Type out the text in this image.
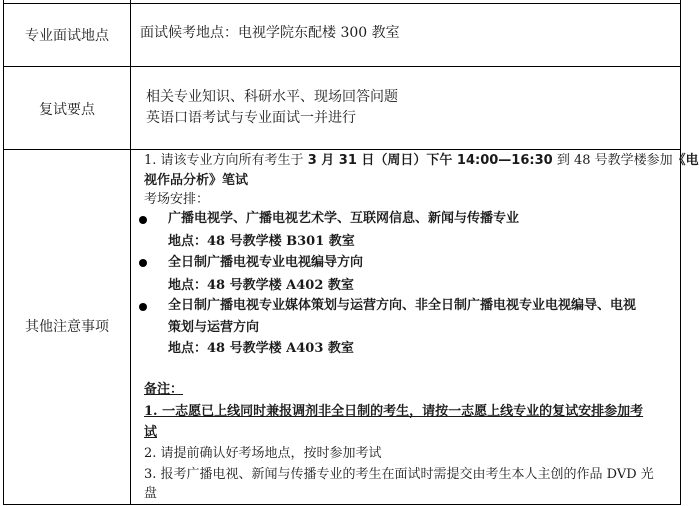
专业面试地点	面试候考地点：电视学院东配楼 300 教室
复试要点
相关专业知识、科研水平、现场回答问题
英语口语考试与专业面试一并进行
其他注意事项
1. 请该专业方向所有考生于 3 月 31 日（周日）下午 14:00—16:30 到 48 号教学楼参加《电
视作品分析》笔试
考场安排：
广播电视学、广播电视艺术学、互联网信息、新闻与传播专业
地点：48 号教学楼 B301 教室
全日制广播电视专业电视编导方向
地点：48 号教学楼 A402 教室
全日制广播电视专业媒体策划与运营方向、非全日制广播电视专业电视编导、电视
策划与运营方向
地点：48 号教学楼 A403 教室
备注：
1. 一志愿已上线同时兼报调剂非全日制的考生，请按一志愿上线专业的复试安排参加考
试
2. 请提前确认好考场地点，按时参加考试
3. 报考广播电视、新闻与传播专业的考生在面试时需提交由考生本人主创的作品 DVD 光
盘
